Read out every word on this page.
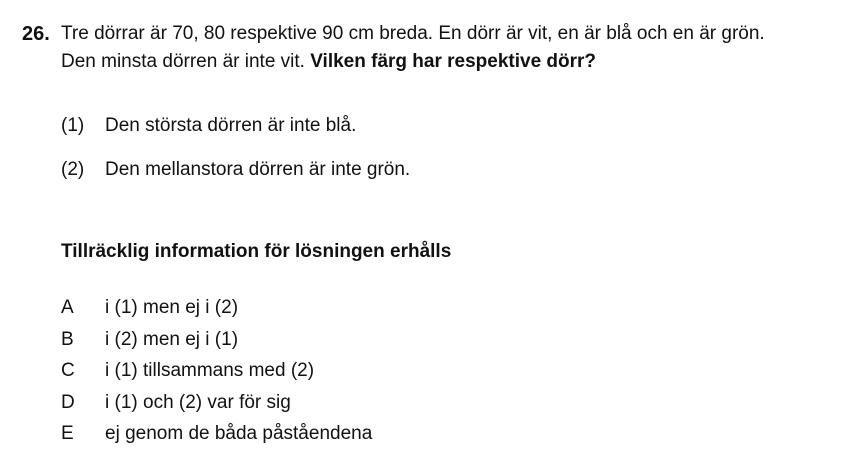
26. Tre dörrar är 70, 80 respektive 90 cm breda. En dörr är vit, en är blå och en är grön.
Den minsta dörren är inte vit. Vilken färg har respektive dörr?
(1) Den största dörren är inte blå.
(2) Den mellanstora dörren är inte grön.
Tillräcklig information för lösningen erhålls
A i (1) men ej i (2)
B i (2) men ej i (1)
C i (1) tillsammans med (2)
D i (1) och (2) var för sig
E ej genom de båda påståendena
